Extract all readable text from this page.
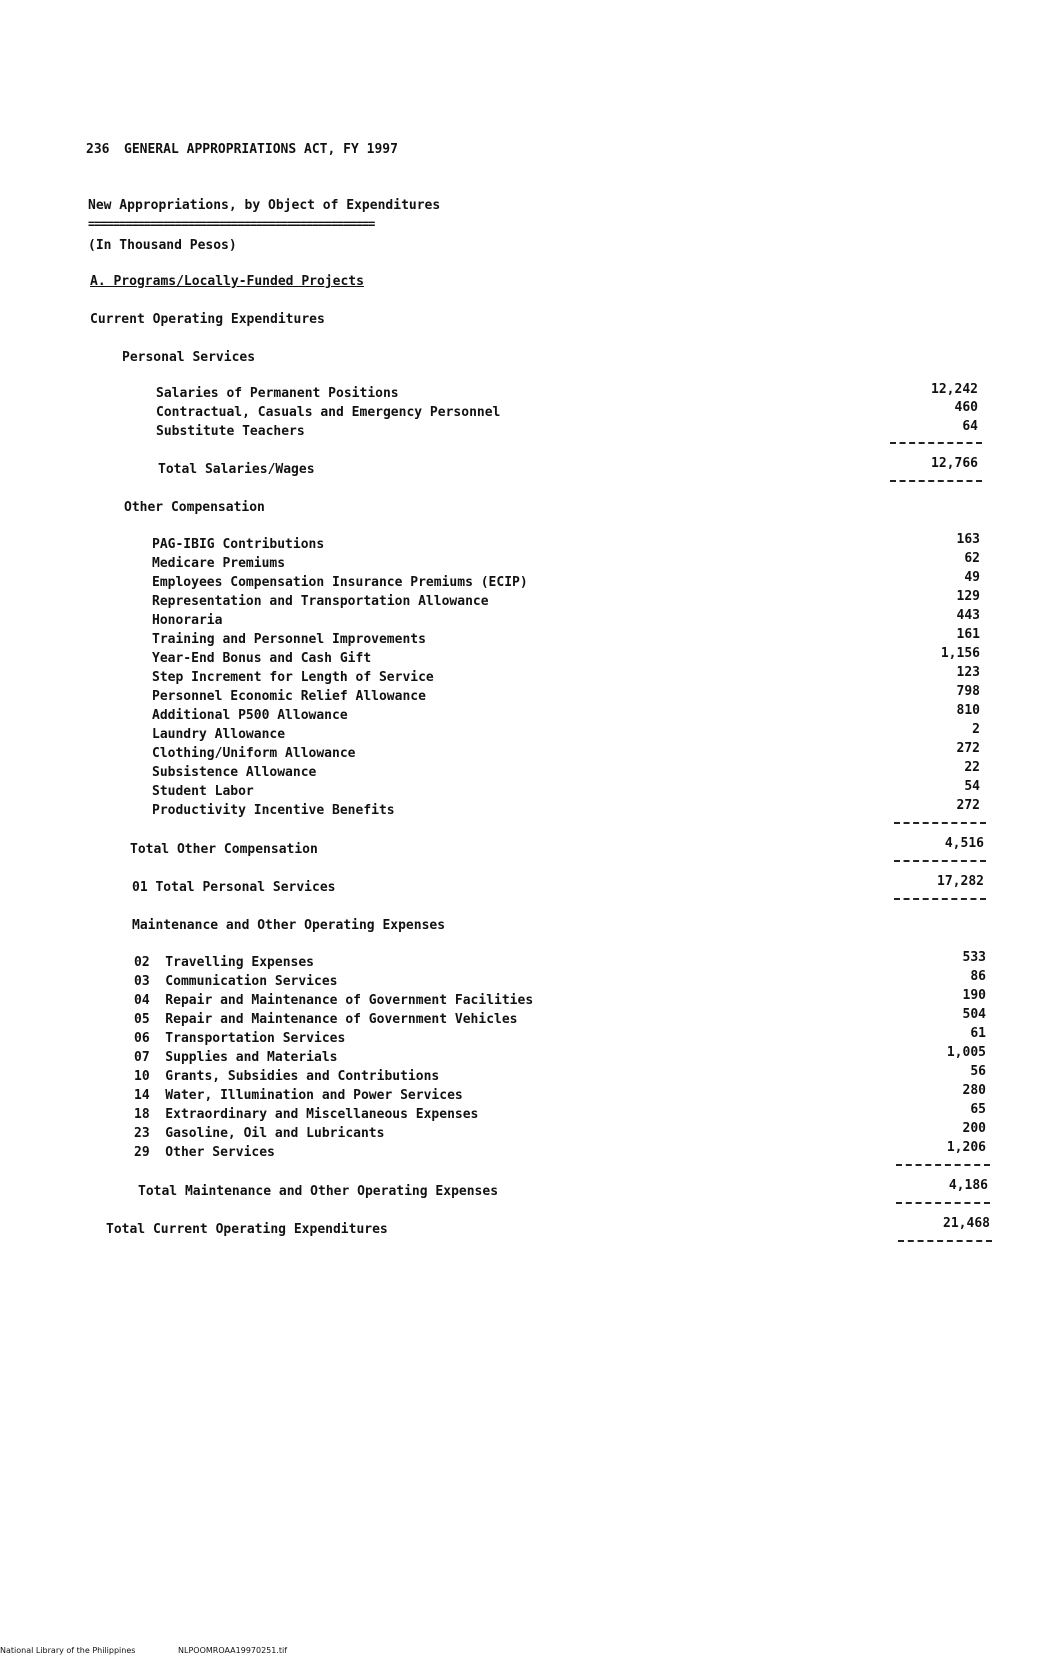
236 GENERAL APPROPRIATIONS ACT, FY 1997
New Appropriations, by Object of Expenditures
==============================================
(In Thousand Pesos)
A. Programs/Locally-Funded Projects
Current Operating Expenditures
Personal Services
Salaries of Permanent Positions	12,242
Contractual, Casuals and Emergency Personnel	460
Substitute Teachers	64
Total Salaries/Wages	12,766
Other Compensation
PAG-IBIG Contributions	163
Medicare Premiums	62
Employees Compensation Insurance Premiums (ECIP)	49
Representation and Transportation Allowance	129
Honoraria	443
Training and Personnel Improvements	161
Year-End Bonus and Cash Gift	1,156
Step Increment for Length of Service	123
Personnel Economic Relief Allowance	798
Additional P500 Allowance	810
Laundry Allowance	2
Clothing/Uniform Allowance	272
Subsistence Allowance	22
Student Labor	54
Productivity Incentive Benefits	272
Total Other Compensation	4,516
01 Total Personal Services	17,282
Maintenance and Other Operating Expenses
02  Travelling Expenses	533
03  Communication Services	86
04  Repair and Maintenance of Government Facilities	190
05  Repair and Maintenance of Government Vehicles	504
06  Transportation Services	61
07  Supplies and Materials	1,005
10  Grants, Subsidies and Contributions	56
14  Water, Illumination and Power Services	280
18  Extraordinary and Miscellaneous Expenses	65
23  Gasoline, Oil and Lubricants	200
29  Other Services	1,206
Total Maintenance and Other Operating Expenses	4,186
Total Current Operating Expenditures	21,468
National Library of the Philippines	NLPOOMROAA19970251.tif
